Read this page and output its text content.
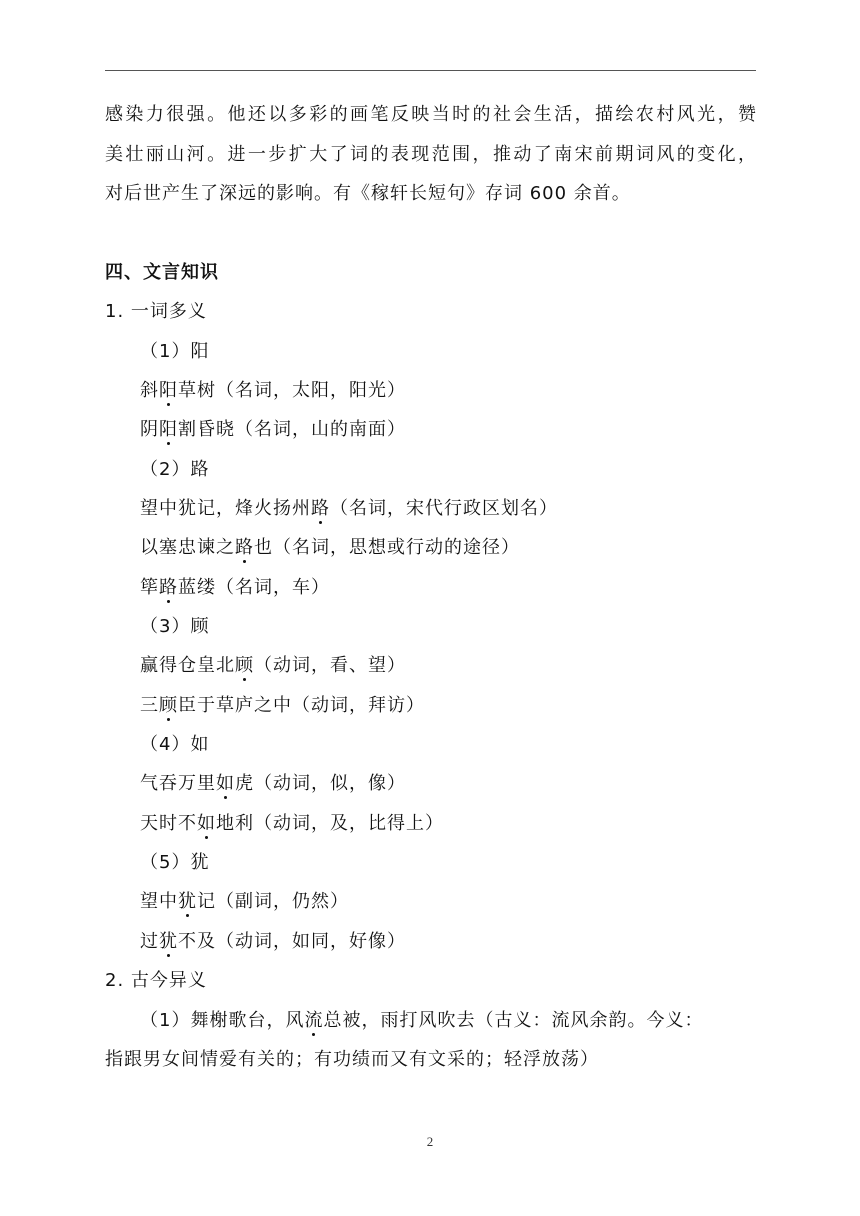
感染力很强。他还以多彩的画笔反映当时的社会生活，描绘农村风光，赞
美壮丽山河。进一步扩大了词的表现范围，推动了南宋前期词风的变化，
对后世产生了深远的影响。有《稼轩长短句》存词 600 余首。
四、文言知识
1. 一词多义
（1）阳
斜阳草树（名词，太阳，阳光）
阴阳割昏晓（名词，山的南面）
（2）路
望中犹记，烽火扬州路（名词，宋代行政区划名）
以塞忠谏之路也（名词，思想或行动的途径）
筚路蓝缕（名词，车）
（3）顾
赢得仓皇北顾（动词，看、望）
三顾臣于草庐之中（动词，拜访）
（4）如
气吞万里如虎（动词，似，像）
天时不如地利（动词，及，比得上）
（5）犹
望中犹记（副词，仍然）
过犹不及（动词，如同，好像）
2. 古今异义
（1）舞榭歌台，风流总被，雨打风吹去（古义：流风余韵。今义：
指跟男女间情爱有关的；有功绩而又有文采的；轻浮放荡）
2
